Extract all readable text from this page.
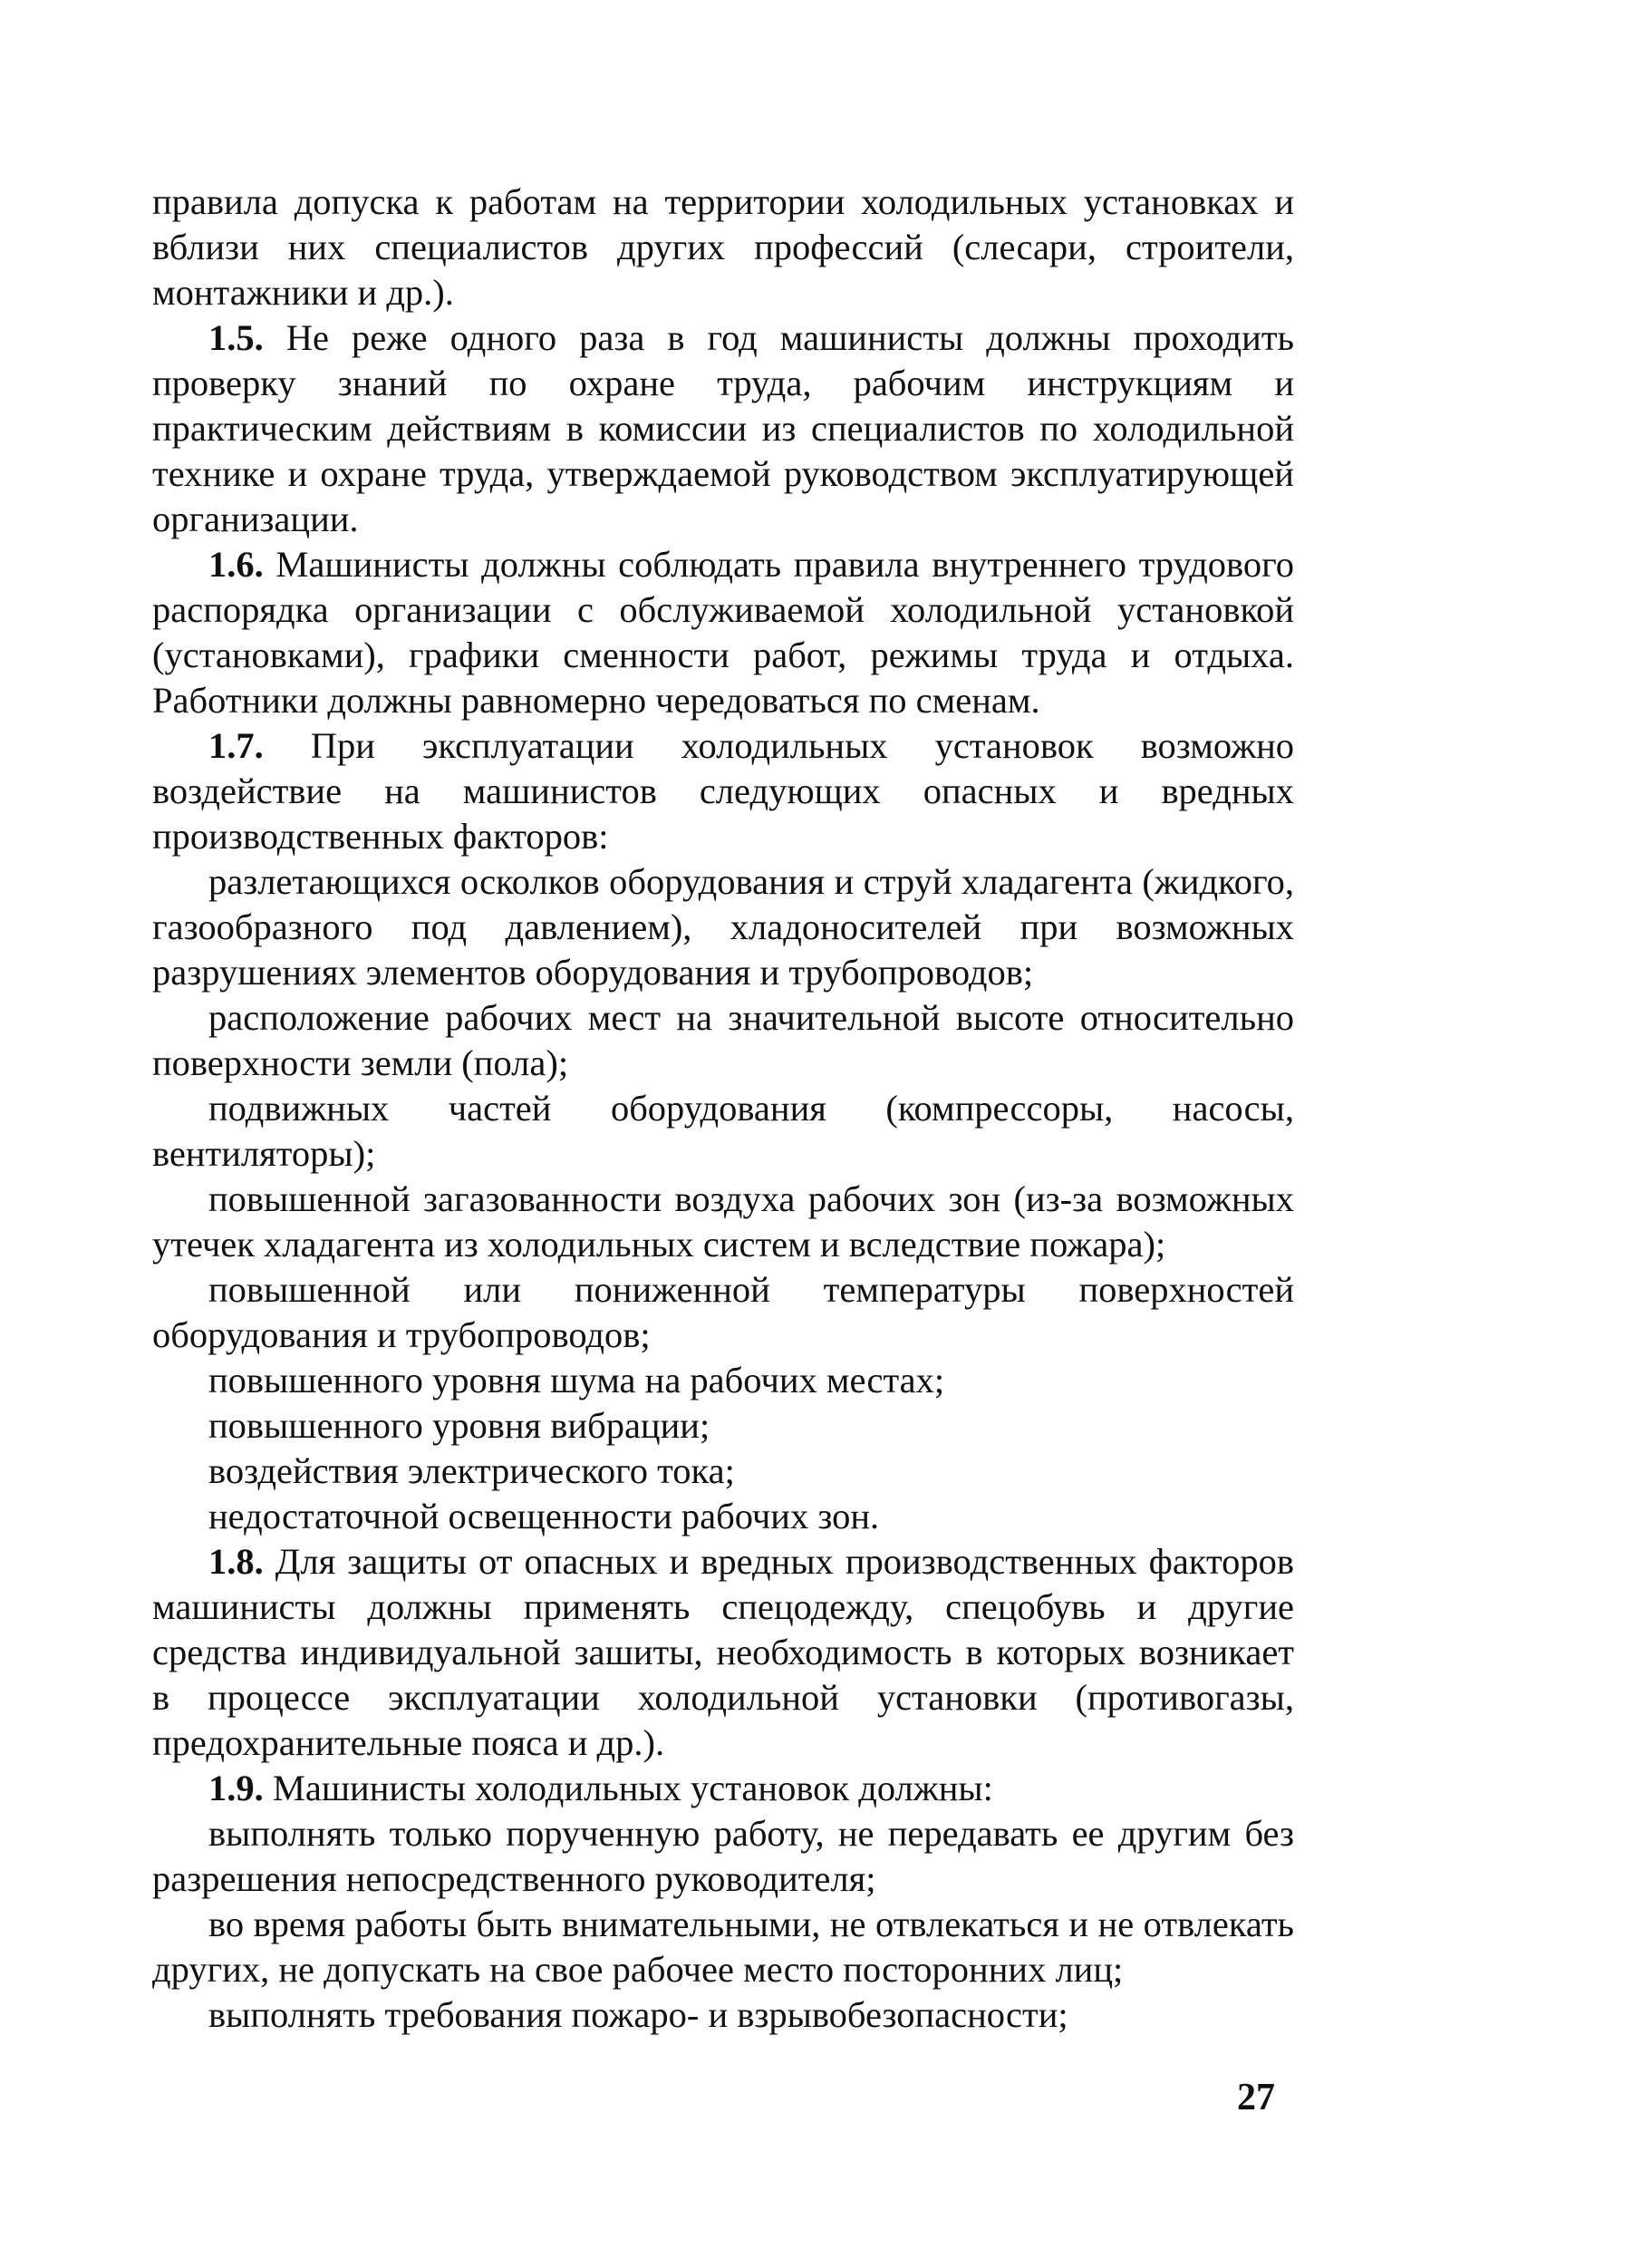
правила допуска к работам на территории холодильных установках и вблизи них специалистов других профессий (слесари, строители, монтажники и др.).

1.5. Не реже одного раза в год машинисты должны проходить проверку знаний по охране труда, рабочим инструкциям и практическим действиям в комиссии из специалистов по холодильной технике и охране труда, утверждаемой руководством эксплуатирующей организации.

1.6. Машинисты должны соблюдать правила внутреннего трудового распорядка организации с обслуживаемой холодильной установкой (установками), графики сменности работ, режимы труда и отдыха. Работники должны равномерно чередоваться по сменам.

1.7. При эксплуатации холодильных установок возможно воздействие на машинистов следующих опасных и вредных производственных факторов:

разлетающихся осколков оборудования и струй хладагента (жидкого, газообразного под давлением), хладоносителей при возможных разрушениях элементов оборудования и трубопроводов;

расположение рабочих мест на значительной высоте относительно поверхности земли (пола);

подвижных частей оборудования (компрессоры, насосы, вентиляторы);

повышенной загазованности воздуха рабочих зон (из-за возможных утечек хладагента из холодильных систем и вследствие пожара);

повышенной или пониженной температуры поверхностей оборудования и трубопроводов;

повышенного уровня шума на рабочих местах;

повышенного уровня вибрации;

воздействия электрического тока;

недостаточной освещенности рабочих зон.

1.8. Для защиты от опасных и вредных производственных факторов машинисты должны применять спецодежду, спецобувь и другие средства индивидуальной зашиты, необходимость в которых возникает в процессе эксплуатации холодильной установки (противогазы, предохранительные пояса и др.).

1.9. Машинисты холодильных установок должны:

выполнять только порученную работу, не передавать ее другим без разрешения непосредственного руководителя;

во время работы быть внимательными, не отвлекаться и не отвлекать других, не допускать на свое рабочее место посторонних лиц;

выполнять требования пожаро- и взрывобезопасности;

27
